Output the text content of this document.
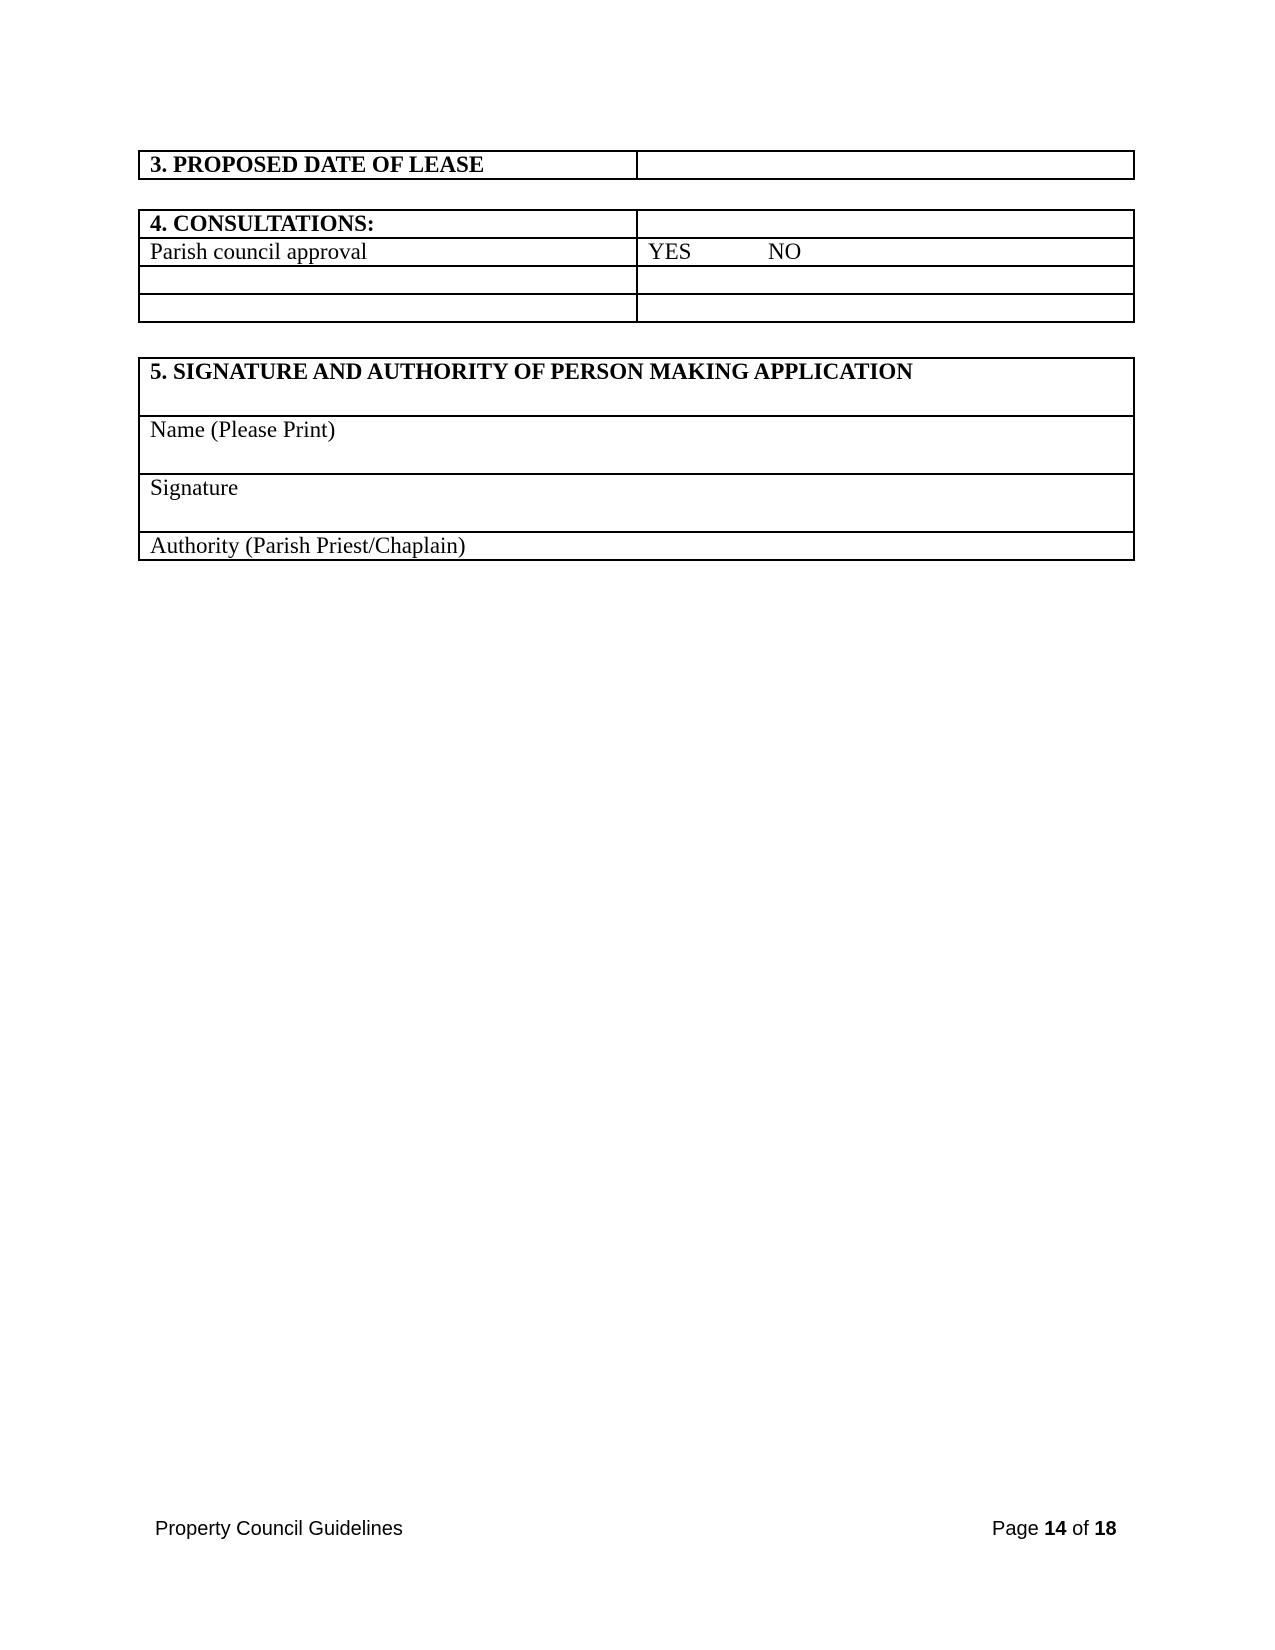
3. PROPOSED DATE OF LEASE	
4. CONSULTATIONS:	
Parish council approval	YES NO

5. SIGNATURE AND AUTHORITY OF PERSON MAKING APPLICATION
Name (Please Print)
Signature
Authority (Parish Priest/Chaplain)
Property Council Guidelines	Page 14 of 18
